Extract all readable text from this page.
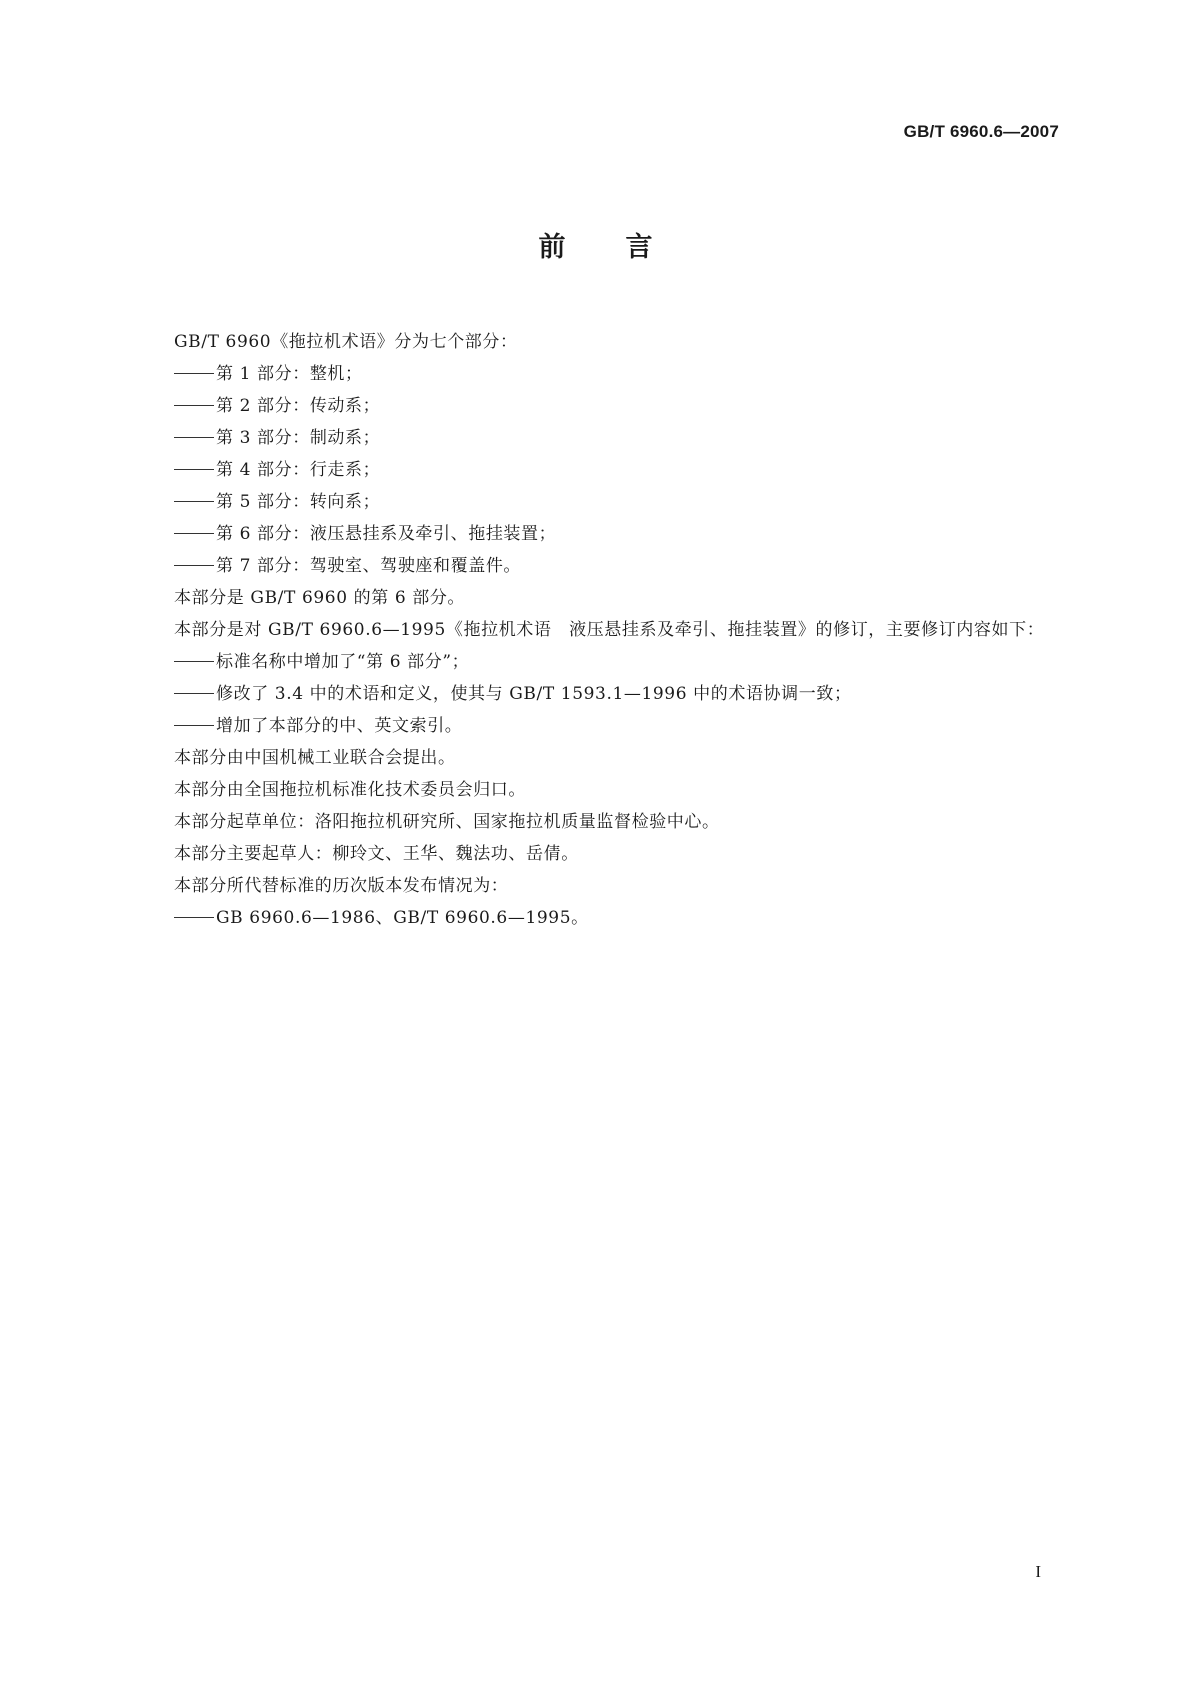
GB/T 6960.6—2007
前 言
GB/T 6960《拖拉机术语》分为七个部分：
第 1 部分：整机；
第 2 部分：传动系；
第 3 部分：制动系；
第 4 部分：行走系；
第 5 部分：转向系；
第 6 部分：液压悬挂系及牵引、拖挂装置；
第 7 部分：驾驶室、驾驶座和覆盖件。
本部分是 GB/T 6960 的第 6 部分。
本部分是对 GB/T 6960.6—1995《拖拉机术语　液压悬挂系及牵引、拖挂装置》的修订，主要修订内容如下：
标准名称中增加了“第 6 部分”；
修改了 3.4 中的术语和定义，使其与 GB/T 1593.1—1996 中的术语协调一致；
增加了本部分的中、英文索引。
本部分由中国机械工业联合会提出。
本部分由全国拖拉机标准化技术委员会归口。
本部分起草单位：洛阳拖拉机研究所、国家拖拉机质量监督检验中心。
本部分主要起草人：柳玲文、王华、魏法功、岳倩。
本部分所代替标准的历次版本发布情况为：
GB 6960.6—1986、GB/T 6960.6—1995。
I
